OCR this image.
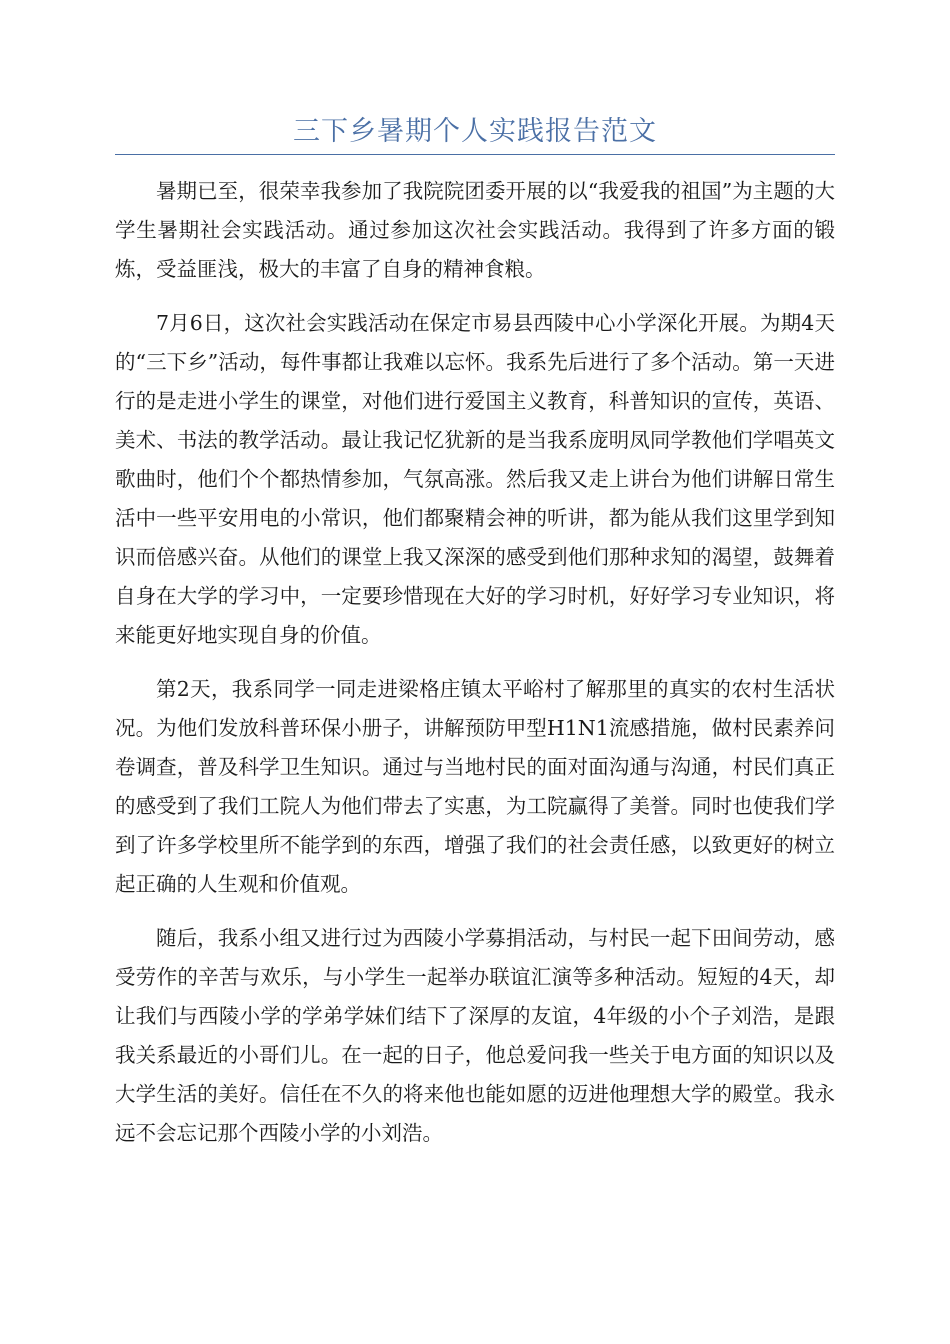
三下乡暑期个人实践报告范文

暑期已至，很荣幸我参加了我院院团委开展的以“我爱我的祖国”为主题的大学生暑期社会实践活动。通过参加这次社会实践活动。我得到了许多方面的锻炼，受益匪浅，极大的丰富了自身的精神食粮。

7月6日，这次社会实践活动在保定市易县西陵中心小学深化开展。为期4天的“三下乡”活动，每件事都让我难以忘怀。我系先后进行了多个活动。第一天进行的是走进小学生的课堂，对他们进行爱国主义教育，科普知识的宣传，英语、美术、书法的教学活动。最让我记忆犹新的是当我系庞明凤同学教他们学唱英文歌曲时，他们个个都热情参加，气氛高涨。然后我又走上讲台为他们讲解日常生活中一些平安用电的小常识，他们都聚精会神的听讲，都为能从我们这里学到知识而倍感兴奋。从他们的课堂上我又深深的感受到他们那种求知的渴望，鼓舞着自身在大学的学习中，一定要珍惜现在大好的学习时机，好好学习专业知识，将来能更好地实现自身的价值。

第2天，我系同学一同走进梁格庄镇太平峪村了解那里的真实的农村生活状况。为他们发放科普环保小册子，讲解预防甲型H1N1流感措施，做村民素养问卷调查，普及科学卫生知识。通过与当地村民的面对面沟通与沟通，村民们真正的感受到了我们工院人为他们带去了实惠，为工院赢得了美誉。同时也使我们学到了许多学校里所不能学到的东西，增强了我们的社会责任感，以致更好的树立起正确的人生观和价值观。

随后，我系小组又进行过为西陵小学募捐活动，与村民一起下田间劳动，感受劳作的辛苦与欢乐，与小学生一起举办联谊汇演等多种活动。短短的4天，却让我们与西陵小学的学弟学妹们结下了深厚的友谊，4年级的小个子刘浩，是跟我关系最近的小哥们儿。在一起的日子，他总爱问我一些关于电方面的知识以及大学生活的美好。信任在不久的将来他也能如愿的迈进他理想大学的殿堂。我永远不会忘记那个西陵小学的小刘浩。
